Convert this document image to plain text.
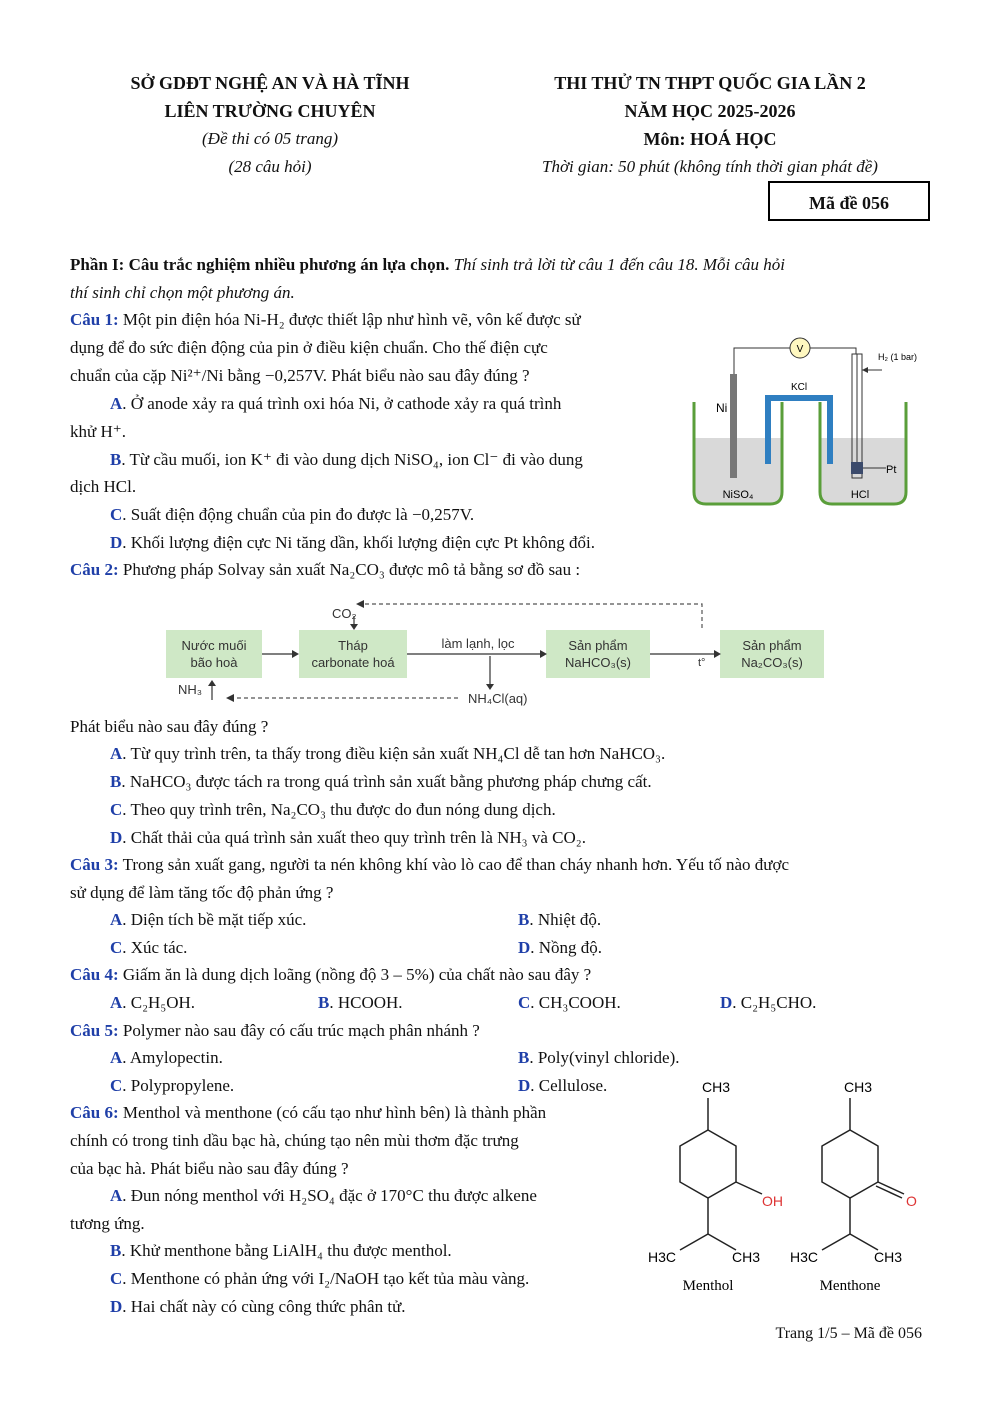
SỞ GDĐT NGHỆ AN VÀ HÀ TĨNH
LIÊN TRƯỜNG CHUYÊN
(Đề thi có 05 trang)
(28 câu hỏi)
THI THỬ TN THPT QUỐC GIA LẦN 2
NĂM HỌC 2025-2026
Môn: HOÁ HỌC
Thời gian: 50 phút (không tính thời gian phát đề)
Mã đề 056
Phần I: Câu trắc nghiệm nhiều phương án lựa chọn. Thí sinh trả lời từ câu 1 đến câu 18. Mỗi câu hỏi
thí sinh chỉ chọn một phương án.
Câu 1: Một pin điện hóa Ni-H₂ được thiết lập như hình vẽ, vôn kế được sử
dụng để đo sức điện động của pin ở điều kiện chuẩn. Cho thế điện cực
chuẩn của cặp Ni²⁺/Ni bằng −0,257V. Phát biểu nào sau đây đúng ?
A. Ở anode xảy ra quá trình oxi hóa Ni, ở cathode xảy ra quá trình
khử H⁺.
B. Từ cầu muối, ion K⁺ đi vào dung dịch NiSO₄, ion Cl⁻ đi vào dung
dịch HCl.
C. Suất điện động chuẩn của pin đo được là −0,257V.
D. Khối lượng điện cực Ni tăng dần, khối lượng điện cực Pt không đổi.
V
H₂ (1 bar)
KCl
Ni
Pt
NiSO₄	HCl
Câu 2: Phương pháp Solvay sản xuất Na₂CO₃ được mô tả bằng sơ đồ sau :
CO₂
Nước muối
bão hoà
Tháp
carbonate hoá
làm lạnh, lọc	Sản phẩm
NaHCO₃(s)	t°
Sản phẩm
Na₂CO₃(s)
NH₃
NH₄Cl(aq)
Phát biểu nào sau đây đúng ?
A. Từ quy trình trên, ta thấy trong điều kiện sản xuất NH₄Cl dễ tan hơn NaHCO₃.
B. NaHCO₃ được tách ra trong quá trình sản xuất bằng phương pháp chưng cất.
C. Theo quy trình trên, Na₂CO₃ thu được do đun nóng dung dịch.
D. Chất thải của quá trình sản xuất theo quy trình trên là NH₃ và CO₂.
Câu 3: Trong sản xuất gang, người ta nén không khí vào lò cao để than cháy nhanh hơn. Yếu tố nào được
sử dụng để làm tăng tốc độ phản ứng ?
A. Diện tích bề mặt tiếp xúc.	B. Nhiệt độ.
C. Xúc tác.	D. Nồng độ.
Câu 4: Giấm ăn là dung dịch loãng (nồng độ 3 – 5%) của chất nào sau đây ?
A. C₂H₅OH.	B. HCOOH.	C. CH₃COOH.	D. C₂H₅CHO.
Câu 5: Polymer nào sau đây có cấu trúc mạch phân nhánh ?
A. Amylopectin.	B. Poly(vinyl chloride).
C. Polypropylene.	D. Cellulose.
Câu 6: Menthol và menthone (có cấu tạo như hình bên) là thành phần
chính có trong tinh dầu bạc hà, chúng tạo nên mùi thơm đặc trưng
của bạc hà. Phát biểu nào sau đây đúng ?
A. Đun nóng menthol với H₂SO₄ đặc ở 170°C thu được alkene
tương ứng.
B. Khử menthone bằng LiAlH₄ thu được menthol.
C. Menthone có phản ứng với I₂/NaOH tạo kết tủa màu vàng.
D. Hai chất này có cùng công thức phân tử.
CH3
OH
H3C	CH3
Menthol
CH3
O
H3C	CH3
Menthone
Trang 1/5 – Mã đề 056
